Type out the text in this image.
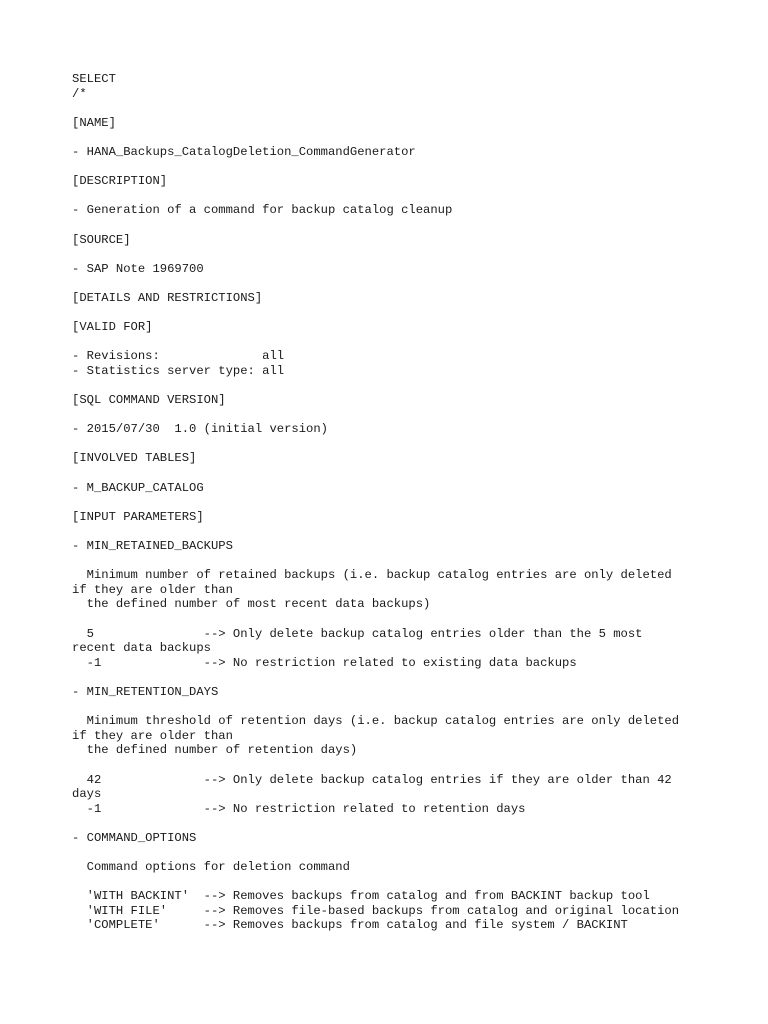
SELECT
/*
[NAME]
- HANA_Backups_CatalogDeletion_CommandGenerator
[DESCRIPTION]
- Generation of a command for backup catalog cleanup
[SOURCE]
- SAP Note 1969700
[DETAILS AND RESTRICTIONS]
[VALID FOR]
- Revisions:              all
- Statistics server type: all
[SQL COMMAND VERSION]
- 2015/07/30  1.0 (initial version)
[INVOLVED TABLES]
- M_BACKUP_CATALOG
[INPUT PARAMETERS]
- MIN_RETAINED_BACKUPS
Minimum number of retained backups (i.e. backup catalog entries are only deleted
if they are older than
the defined number of most recent data backups)
5               --> Only delete backup catalog entries older than the 5 most
recent data backups
-1              --> No restriction related to existing data backups
- MIN_RETENTION_DAYS
Minimum threshold of retention days (i.e. backup catalog entries are only deleted
if they are older than
the defined number of retention days)
42              --> Only delete backup catalog entries if they are older than 42
days
-1              --> No restriction related to retention days
- COMMAND_OPTIONS
Command options for deletion command
'WITH BACKINT'  --> Removes backups from catalog and from BACKINT backup tool
'WITH FILE'     --> Removes file-based backups from catalog and original location
'COMPLETE'      --> Removes backups from catalog and file system / BACKINT
